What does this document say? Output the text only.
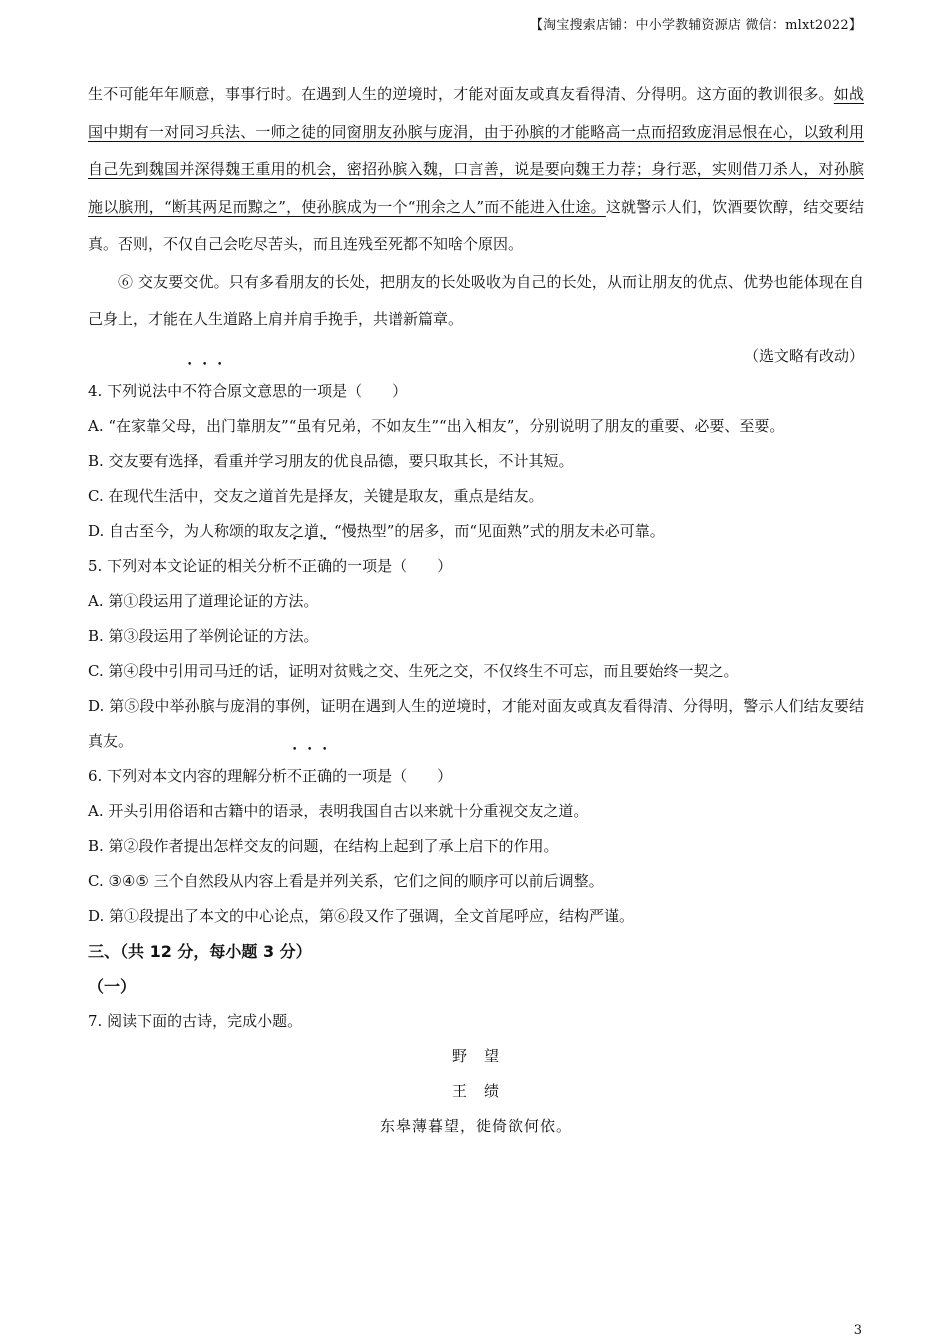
【淘宝搜索店铺：中小学教辅资源店 微信：mlxt2022】

生不可能年年顺意，事事行时。在遇到人生的逆境时，才能对面友或真友看得清、分得明。这方面的教训很多。如战国中期有一对同习兵法、一师之徒的同窗朋友孙膑与庞涓，由于孙膑的才能略高一点而招致庞涓忌恨在心，以致利用自己先到魏国并深得魏王重用的机会，密招孙膑入魏，口言善，说是要向魏王力荐；身行恶，实则借刀杀人，对孙膑施以膑刑，“断其两足而黥之”，使孙膑成为一个“刑余之人”而不能进入仕途。这就警示人们，饮酒要饮醇，结交要结真。否则，不仅自己会吃尽苦头，而且连残至死都不知啥个原因。

⑥ 交友要交优。只有多看朋友的长处，把朋友的长处吸收为自己的长处，从而让朋友的优点、优势也能体现在自己身上，才能在人生道路上肩并肩手挽手，共谱新篇章。

（选文略有改动）

4. 下列说法中不符合原文意思的一项是（　　）

A. “在家靠父母，出门靠朋友”“虽有兄弟，不如友生”“出入相友”，分别说明了朋友的重要、必要、至要。

B. 交友要有选择，看重并学习朋友的优良品德，要只取其长，不计其短。

C. 在现代生活中，交友之道首先是择友，关键是取友，重点是结友。

D. 自古至今，为人称颂的取友之道，“慢热型”的居多，而“见面熟”式的朋友未必可靠。

5. 下列对本文论证的相关分析不正确的一项是（　　）

A. 第①段运用了道理论证的方法。

B. 第③段运用了举例论证的方法。

C. 第④段中引用司马迁的话，证明对贫贱之交、生死之交，不仅终生不可忘，而且要始终一契之。

D. 第⑤段中举孙膑与庞涓的事例，证明在遇到人生的逆境时，才能对面友或真友看得清、分得明，警示人们结友要结真友。

6. 下列对本文内容的理解分析不正确的一项是（　　）

A. 开头引用俗语和古籍中的语录，表明我国自古以来就十分重视交友之道。

B. 第②段作者提出怎样交友的问题，在结构上起到了承上启下的作用。

C. ③④⑤ 三个自然段从内容上看是并列关系，它们之间的顺序可以前后调整。

D. 第①段提出了本文的中心论点，第⑥段又作了强调，全文首尾呼应，结构严谨。

三、（共 12 分，每小题 3 分）

（一）

7. 阅读下面的古诗，完成小题。

野　望

王　绩

东皋薄暮望，徙倚欲何依。

3
